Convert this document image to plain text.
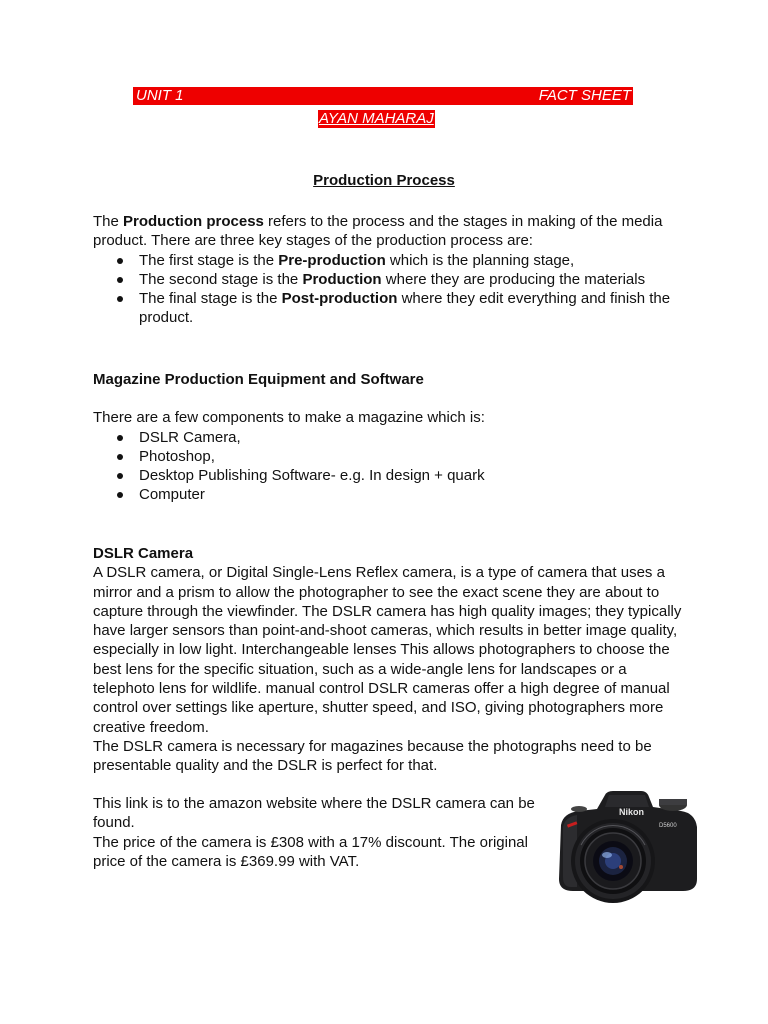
UNIT 1	FACT SHEET
AYAN MAHARAJ
Production Process
The Production process refers to the process and the stages in making of the media product. There are three key stages of the production process are:
The first stage is the Pre-production which is the planning stage,
The second stage is the Production where they are producing the materials
The final stage is the Post-production where they edit everything and finish the product.
Magazine Production Equipment and Software
There are a few components to make a magazine which is:
DSLR Camera,
Photoshop,
Desktop Publishing Software- e.g. In design + quark
Computer
DSLR Camera
A DSLR camera, or Digital Single-Lens Reflex camera, is a type of camera that uses a mirror and a prism to allow the photographer to see the exact scene they are about to capture through the viewfinder. The DSLR camera has high quality images; they typically have larger sensors than point-and-shoot cameras, which results in better image quality, especially in low light. Interchangeable lenses This allows photographers to choose the best lens for the specific situation, such as a wide-angle lens for landscapes or a telephoto lens for wildlife. manual control DSLR cameras offer a high degree of manual control over settings like aperture, shutter speed, and ISO, giving photographers more creative freedom.
The DSLR camera is necessary for magazines because the photographs need to be presentable quality and the DSLR is perfect for that.
This link is to the amazon website where the DSLR camera can be found.
The price of the camera is £308 with a 17% discount. The original price of the camera is £369.99 with VAT.
Nikon
D5600
